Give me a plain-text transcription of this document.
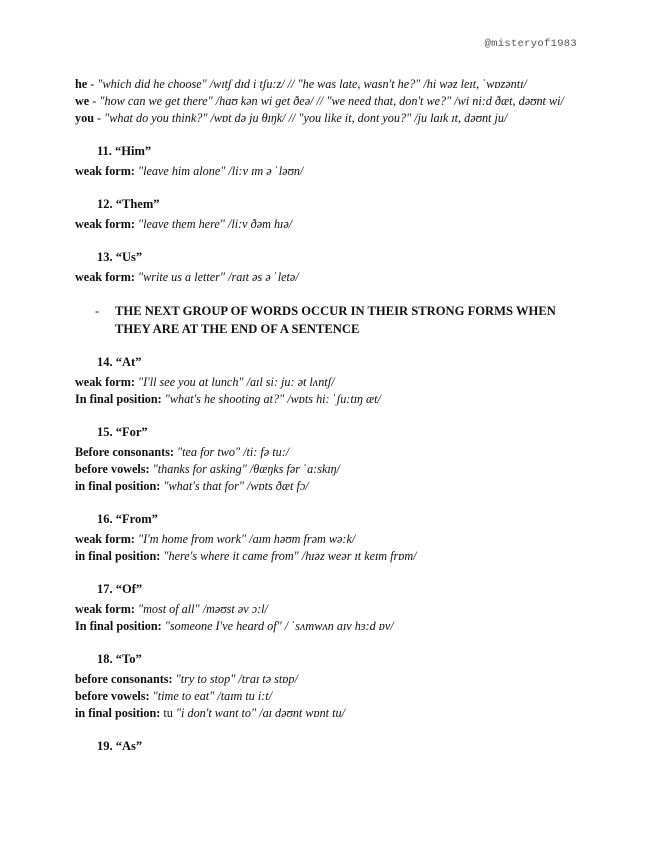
@misteryof1983
he - "which did he choose" /wɪtʃ dɪd i tʃu:z/ // "he was late, wasn't he?" /hi wəz leɪt, ˈwɒzəntɪ/
we - "how can we get there" /haʊ kən wi get ðeə/ // "we need that, don't we?" /wi ni:d ðæt, dəʊnt wi/
you - "what do you think?" /wɒt də ju θɪŋk/ // "you like it, dont you?" /ju laɪk ɪt, dəʊnt ju/
11. “Him”
weak form: "leave him alone" /li:v ɪm ə ˈləʊn/
12. “Them”
weak form: "leave them here" /li:v ðəm hɪə/
13. “Us”
weak form: "write us a letter" /raɪt əs ə ˈletə/
-	THE NEXT GROUP OF WORDS OCCUR IN THEIR STRONG FORMS WHEN THEY ARE AT THE END OF A SENTENCE
14. “At”
weak form: "I'll see you at lunch" /aɪl si: ju: ət lʌntʃ/
In final position: "what's he shooting at?" /wɒts hi: ˈʃu:tɪŋ æt/
15. “For”
Before consonants: "tea for two" /ti: fə tu:/
before vowels: "thanks for asking" /θæŋks fər ˈa:skɪŋ/
in final position: "what's that for" /wɒts ðæt fɔ/
16. “From”
weak form: "I'm home from work" /aɪm həʊm frəm wə:k/
in final position: "here's where it came from" /hɪəz weər ɪt keɪm frɒm/
17. “Of”
weak form: "most of all" /məʊst əv ɔ:l/
In final position: "someone I've heard of" / ˈsʌmwʌn aɪv hɜ:d ɒv/
18. “To”
before consonants: "try to stop" /traɪ tə stɒp/
before vowels: "time to eat" /taɪm tu i:t/
in final position: tu "i don't want to" /aɪ dəʊnt wɒnt tu/
19. “As”
